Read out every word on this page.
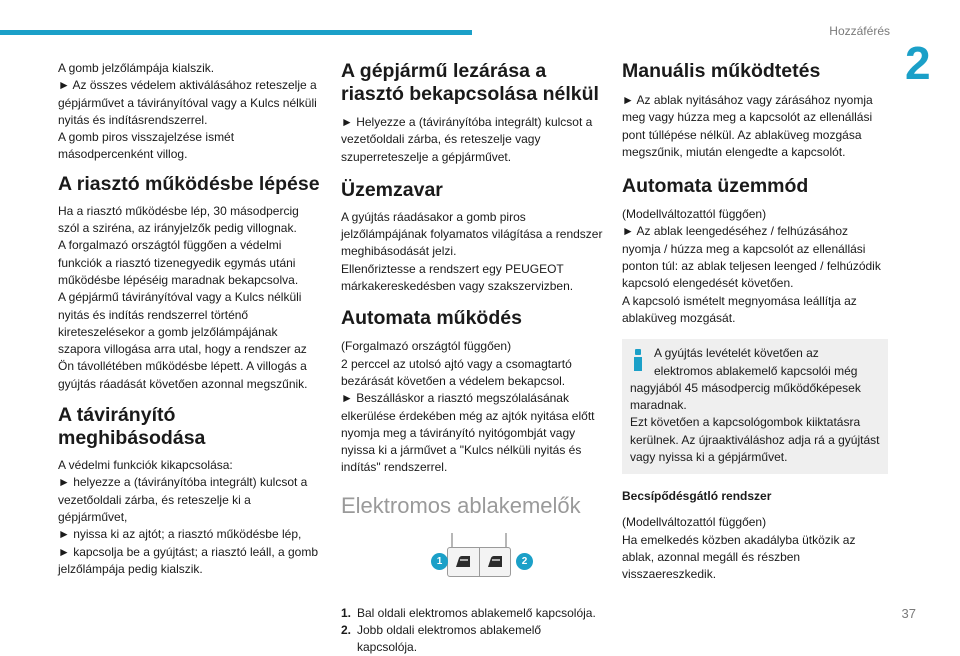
Hozzáférés
2
37

A gomb jelzőlámpája kialszik.
► Az összes védelem aktiválásához reteszelje a gépjárművet a távirányítóval vagy a Kulcs nélküli nyitás és indításrendszerrel.
A gomb piros visszajelzése ismét másodpercenként villog.

A riasztó működésbe lépése

Ha a riasztó működésbe lép, 30 másodpercig szól a sziréna, az irányjelzők pedig villognak.
A forgalmazó országtól függően a védelmi funkciók a riasztó tizenegyedik egymás utáni működésbe lépéséig maradnak bekapcsolva.
A gépjármű távirányítóval vagy a Kulcs nélküli nyitás és indítás rendszerrel történő kireteszelésekor a gomb jelzőlámpájának szapora villogása arra utal, hogy a rendszer az Ön távollétében működésbe lépett. A villogás a gyújtás ráadását követően azonnal megszűnik.

A távirányító meghibásodása

A védelmi funkciók kikapcsolása:
► helyezze a (távirányítóba integrált) kulcsot a vezetőoldali zárba, és reteszelje ki a gépjárművet,
► nyissa ki az ajtót; a riasztó működésbe lép,
► kapcsolja be a gyújtást; a riasztó leáll, a gomb jelzőlámpája pedig kialszik.

A gépjármű lezárása a riasztó bekapcsolása nélkül

► Helyezze a (távirányítóba integrált) kulcsot a vezetőoldali zárba, és reteszelje vagy szuperreteszelje a gépjárművet.

Üzemzavar

A gyújtás ráadásakor a gomb piros jelzőlámpájának folyamatos világítása a rendszer meghibásodását jelzi.
Ellenőriztesse a rendszert egy PEUGEOT márkakereskedésben vagy szakszervizben.

Automata működés

(Forgalmazó országtól függően)
2 perccel az utolsó ajtó vagy a csomagtartó bezárását követően a védelem bekapcsol.
► Beszálláskor a riasztó megszólalásának elkerülése érdekében még az ajtók nyitása előtt nyomja meg a távirányító nyitógombját vagy nyissa ki a járművet a "Kulcs nélküli nyitás és indítás" rendszerrel.

Elektromos ablakemelők
1	2
1. Bal oldali elektromos ablakemelő kapcsolója.
2. Jobb oldali elektromos ablakemelő kapcsolója.
Manuális működtetés

► Az ablak nyitásához vagy zárásához nyomja meg vagy húzza meg a kapcsolót az ellenállási pont túllépése nélkül. Az ablaküveg mozgása megszűnik, miután elengedte a kapcsolót.

Automata üzemmód

(Modellváltozattól függően)
► Az ablak leengedéséhez / felhúzásához nyomja / húzza meg a kapcsolót az ellenállási ponton túl: az ablak teljesen leenged / felhúzódik kapcsoló elengedését követően.
A kapcsoló ismételt megnyomása leállítja az ablaküveg mozgását.

A gyújtás levételét követően az elektromos ablakemelő kapcsolói még

nagyjából 45 másodpercig működőképesek maradnak.
Ezt követően a kapcsológombok kiiktatásra kerülnek. Az újraaktiváláshoz adja rá a gyújtást vagy nyissa ki a gépjárművet.

Becsípődésgátló rendszer

(Modellváltozattól függően)
Ha emelkedés közben akadályba ütközik az ablak, azonnal megáll és részben visszaereszkedik.
